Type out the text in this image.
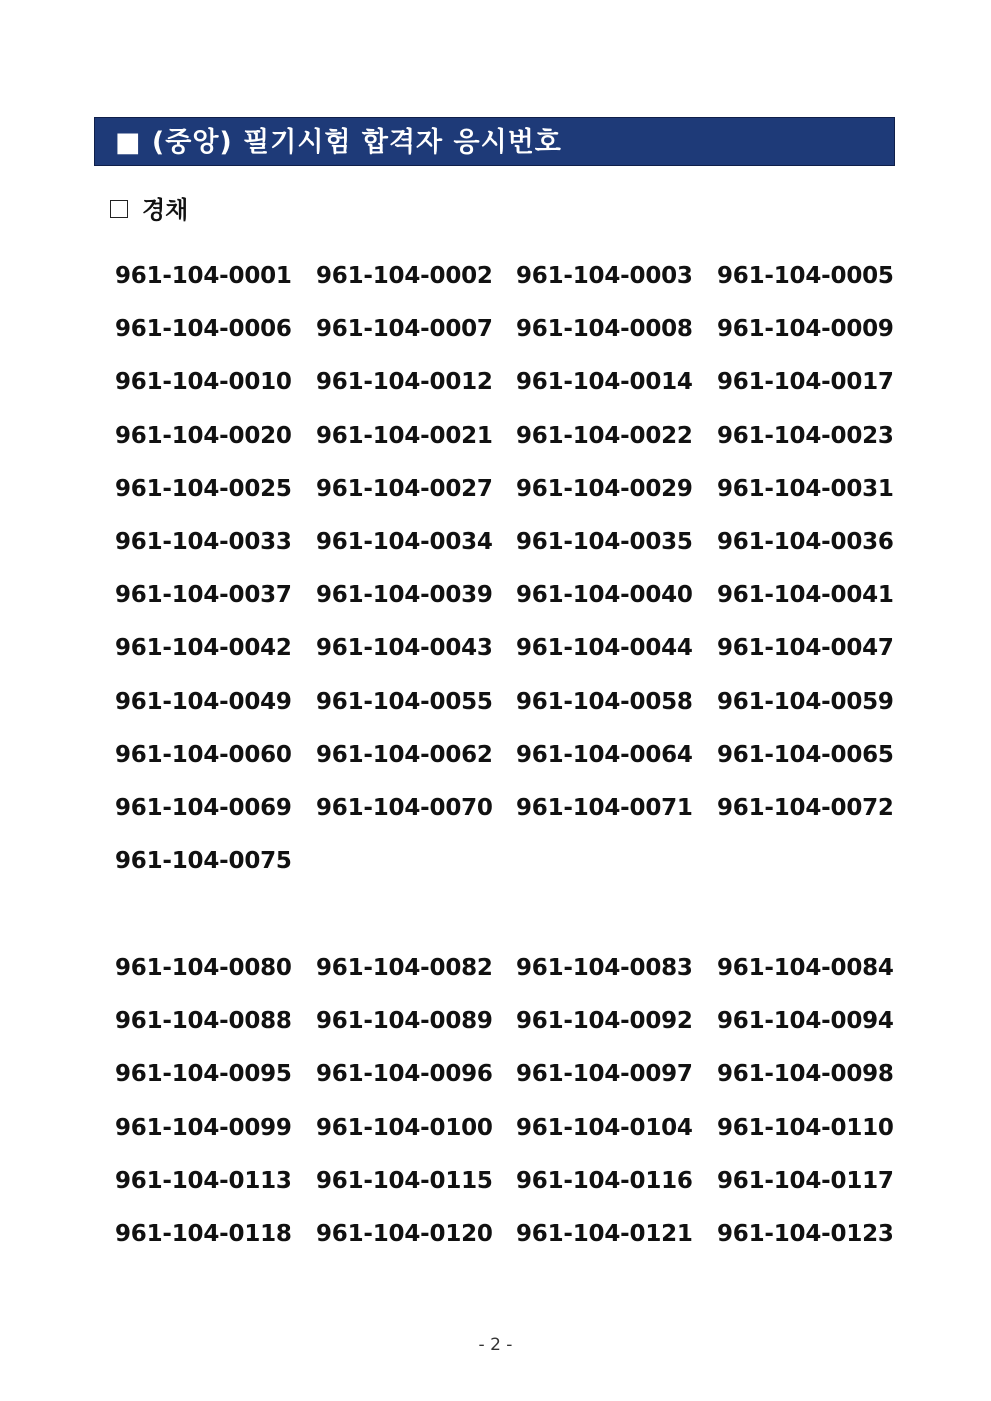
■ (중앙) 필기시험 합격자 응시번호
경채
961-104-0001	961-104-0002	961-104-0003	961-104-0005
961-104-0006	961-104-0007	961-104-0008	961-104-0009
961-104-0010	961-104-0012	961-104-0014	961-104-0017
961-104-0020	961-104-0021	961-104-0022	961-104-0023
961-104-0025	961-104-0027	961-104-0029	961-104-0031
961-104-0033	961-104-0034	961-104-0035	961-104-0036
961-104-0037	961-104-0039	961-104-0040	961-104-0041
961-104-0042	961-104-0043	961-104-0044	961-104-0047
961-104-0049	961-104-0055	961-104-0058	961-104-0059
961-104-0060	961-104-0062	961-104-0064	961-104-0065
961-104-0069	961-104-0070	961-104-0071	961-104-0072
961-104-0075
961-104-0080	961-104-0082	961-104-0083	961-104-0084
961-104-0088	961-104-0089	961-104-0092	961-104-0094
961-104-0095	961-104-0096	961-104-0097	961-104-0098
961-104-0099	961-104-0100	961-104-0104	961-104-0110
961-104-0113	961-104-0115	961-104-0116	961-104-0117
961-104-0118	961-104-0120	961-104-0121	961-104-0123
- 2 -
